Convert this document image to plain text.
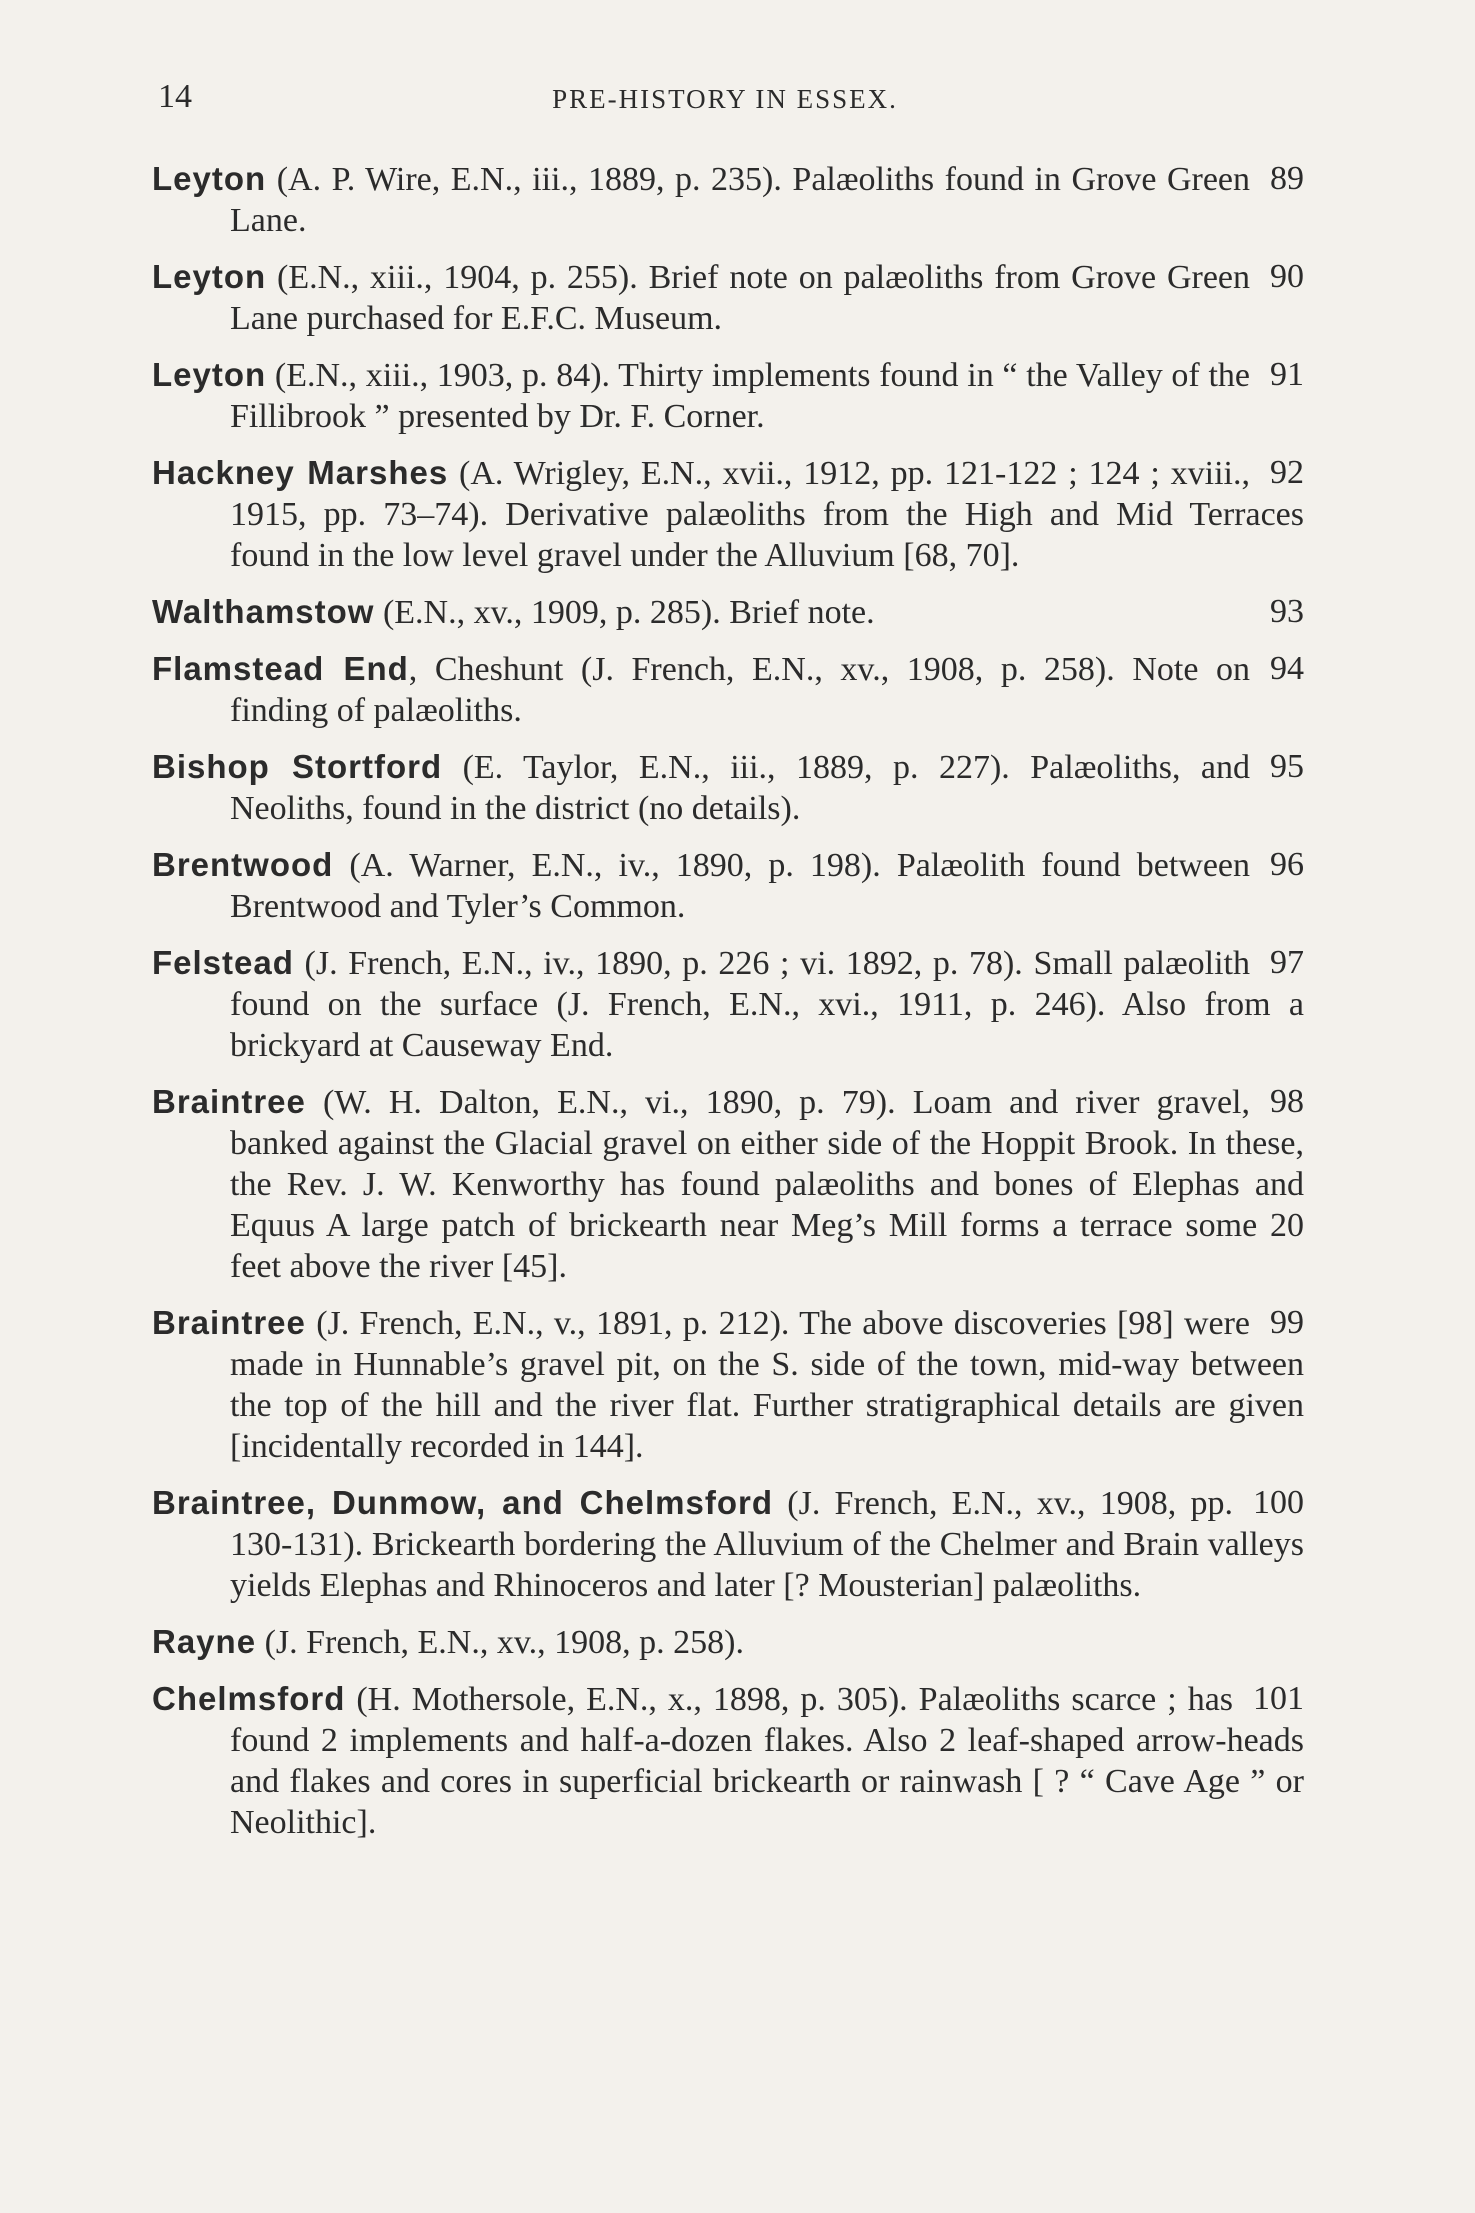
14	PRE-HISTORY IN ESSEX.

89
Leyton (A. P. Wire, E.N., iii., 1889, p. 235). Palæoliths found in Grove Green Lane.

90
Leyton (E.N., xiii., 1904, p. 255). Brief note on palæoliths from Grove Green Lane purchased for E.F.C. Museum.

91
Leyton (E.N., xiii., 1903, p. 84). Thirty implements found in “ the Valley of the Fillibrook ” presented by Dr. F. Corner.

92
Hackney Marshes (A. Wrigley, E.N., xvii., 1912, pp. 121-122 ; 124 ; xviii., 1915, pp. 73–74). Derivative palæoliths from the High and Mid Terraces found in the low level gravel under the Alluvium [68, 70].

93
Walthamstow (E.N., xv., 1909, p. 285). Brief note.

94
Flamstead End, Cheshunt (J. French, E.N., xv., 1908, p. 258). Note on finding of palæoliths.

95
Bishop Stortford (E. Taylor, E.N., iii., 1889, p. 227). Palæoliths, and Neoliths, found in the district (no details).

96
Brentwood (A. Warner, E.N., iv., 1890, p. 198). Palæolith found between Brentwood and Tyler’s Common.

97
Felstead (J. French, E.N., iv., 1890, p. 226 ; vi. 1892, p. 78). Small palæolith found on the surface (J. French, E.N., xvi., 1911, p. 246). Also from a brickyard at Causeway End.

98
Braintree (W. H. Dalton, E.N., vi., 1890, p. 79). Loam and river gravel, banked against the Glacial gravel on either side of the Hoppit Brook. In these, the Rev. J. W. Kenworthy has found palæoliths and bones of Elephas and Equus A large patch of brickearth near Meg’s Mill forms a terrace some 20 feet above the river [45].

99
Braintree (J. French, E.N., v., 1891, p. 212). The above discoveries [98] were made in Hunnable’s gravel pit, on the S. side of the town, mid-way between the top of the hill and the river flat. Further stratigraphical details are given [incidentally recorded in 144].

100
Braintree, Dunmow, and Chelmsford (J. French, E.N., xv., 1908, pp. 130-131). Brickearth bordering the Alluvium of the Chelmer and Brain valleys yields Elephas and Rhinoceros and later [? Mousterian] palæoliths.

Rayne (J. French, E.N., xv., 1908, p. 258).

101
Chelmsford (H. Mothersole, E.N., x., 1898, p. 305). Palæoliths scarce ; has found 2 implements and half-a-dozen flakes. Also 2 leaf-shaped arrow-heads and flakes and cores in superficial brickearth or rainwash [ ? “ Cave Age ” or Neolithic].
